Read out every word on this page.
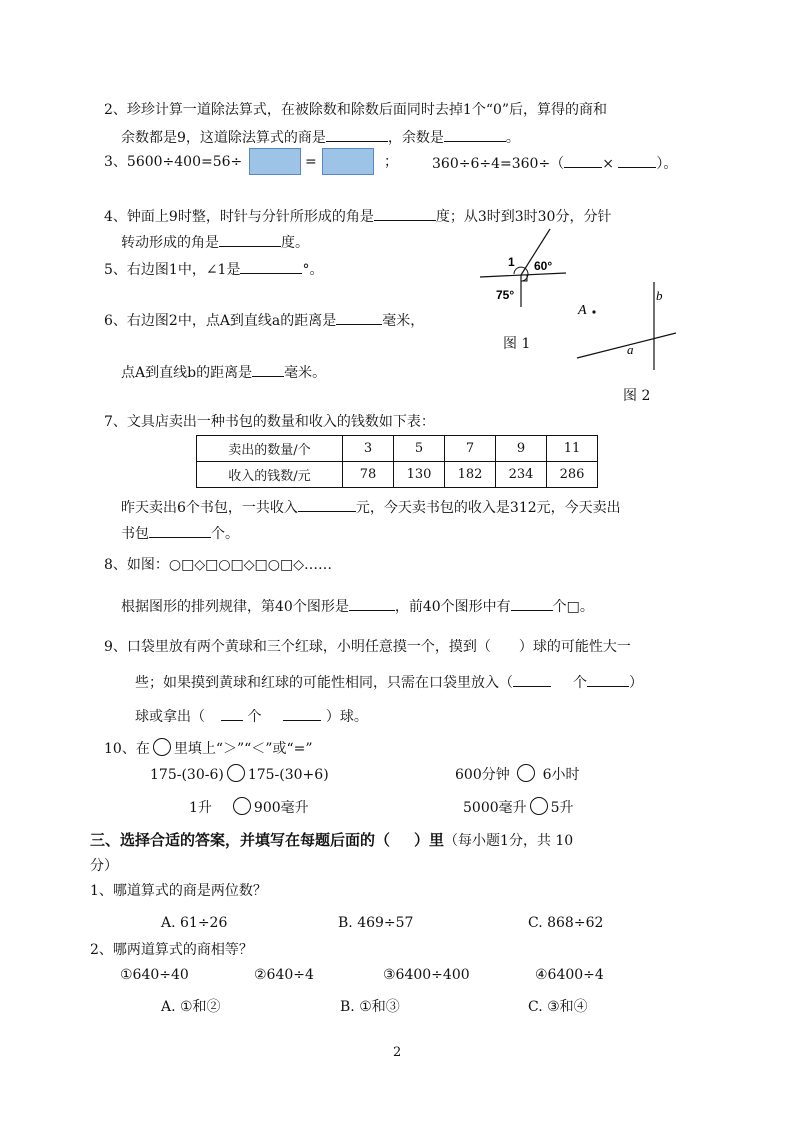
2、珍珍计算一道除法算式，在被除数和除数后面同时去掉1个“0”后，算得的商和
余数都是9，这道除法算式的商是	，余数是	。
3、5600÷400=56÷	=	； 360÷6÷4=360÷（	×	）。
4、钟面上9时整，时针与分针所形成的角是	度；从3时到3时30分，分针
转动形成的角是	度。
5、右边图1中，∠1是	°。	1 60°
75°
图 1
A
b
a
图 2
6、右边图2中，点A到直线a的距离是	毫米，
点A到直线b的距离是 毫米。
7、文具店卖出一种书包的数量和收入的钱数如下表：
卖出的数量/个	3	5	7	9	11
收入的钱数/元	78	130	182	234	286
昨天卖出6个书包，一共收入	元，今天卖书包的收入是312元，今天卖出
书包	个。
8、如图：○□◇□○□◇□○□◇……
根据图形的排列规律，第40个图形是	，前40个图形中有	个□。
9、口袋里放有两个黄球和三个红球，小明任意摸一个，摸到（ ）球的可能性大一
些；如果摸到黄球和红球的可能性相同，只需在口袋里放入（	个	）
球或拿出（	个	）球。
10、在 里填上“＞”“＜”或“=”
175-(30-6) 175-(30+6)	600分钟 6小时
1升	900毫升	5000毫升 5升
三、选择合适的答案，并填写在每题后面的（ ）里（每小题1分，共 10
分）
1、哪道算式的商是两位数？
A. 61÷26	B. 469÷57	C. 868÷62
2、哪两道算式的商相等？
①640÷40	②640÷4	③6400÷400	④6400÷4
A. ①和②	B. ①和③	C. ③和④
2
